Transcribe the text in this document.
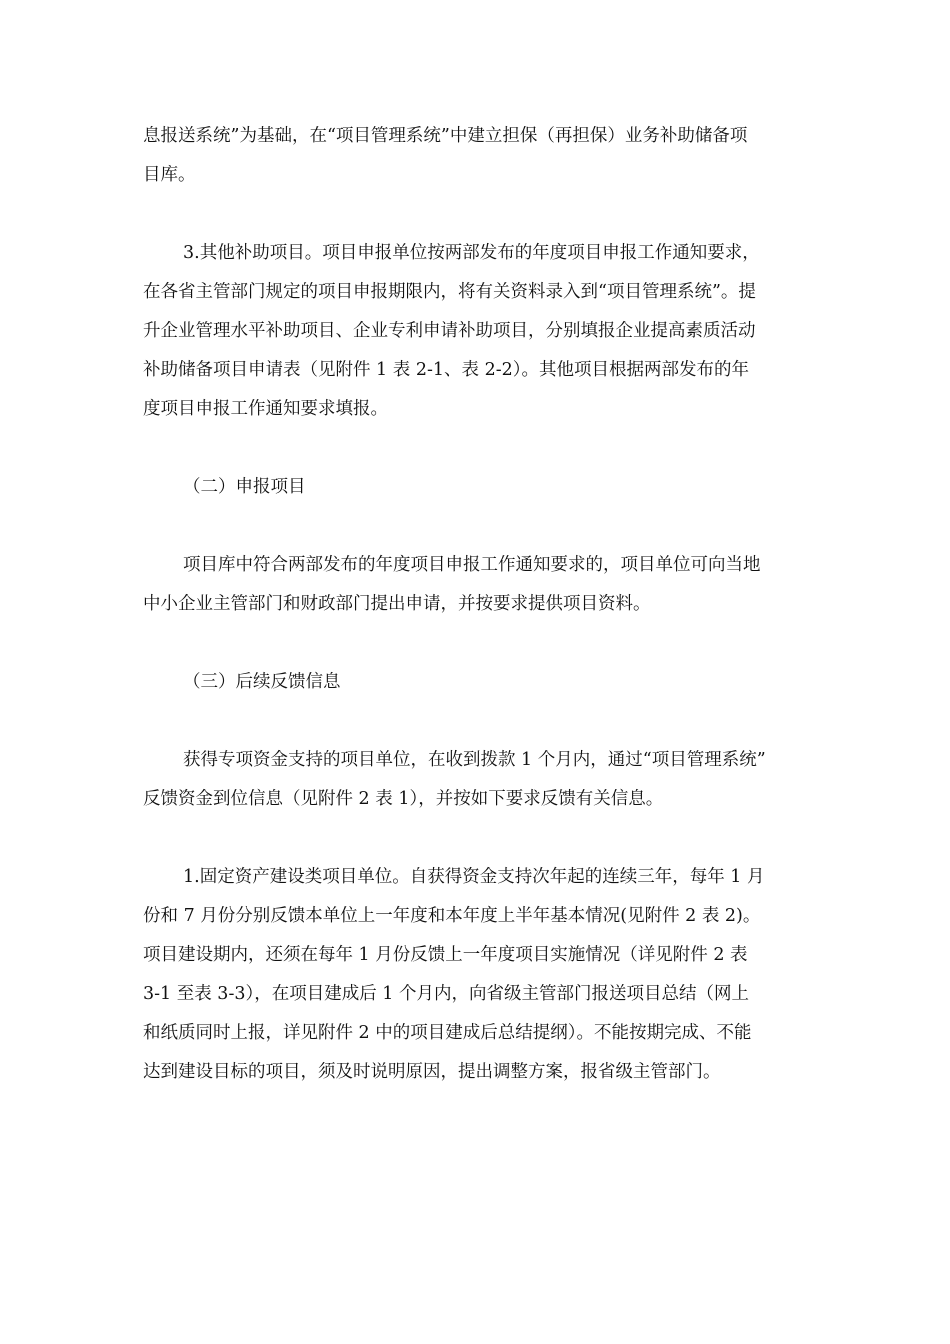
息报送系统”为基础，在“项目管理系统”中建立担保（再担保）业务补助储备项
目库。
3.其他补助项目。项目申报单位按两部发布的年度项目申报工作通知要求，
在各省主管部门规定的项目申报期限内，将有关资料录入到“项目管理系统”。提
升企业管理水平补助项目、企业专利申请补助项目，分别填报企业提高素质活动
补助储备项目申请表（见附件 1 表 2-1、表 2-2）。其他项目根据两部发布的年
度项目申报工作通知要求填报。
（二）申报项目
项目库中符合两部发布的年度项目申报工作通知要求的，项目单位可向当地
中小企业主管部门和财政部门提出申请，并按要求提供项目资料。
（三）后续反馈信息
获得专项资金支持的项目单位，在收到拨款 1 个月内，通过“项目管理系统”
反馈资金到位信息（见附件 2 表 1），并按如下要求反馈有关信息。
1.固定资产建设类项目单位。自获得资金支持次年起的连续三年，每年 1 月
份和 7 月份分别反馈本单位上一年度和本年度上半年基本情况(见附件 2 表 2)。
项目建设期内，还须在每年 1 月份反馈上一年度项目实施情况（详见附件 2 表
3-1 至表 3-3），在项目建成后 1 个月内，向省级主管部门报送项目总结（网上
和纸质同时上报，详见附件 2 中的项目建成后总结提纲）。不能按期完成、不能
达到建设目标的项目，须及时说明原因，提出调整方案，报省级主管部门。
